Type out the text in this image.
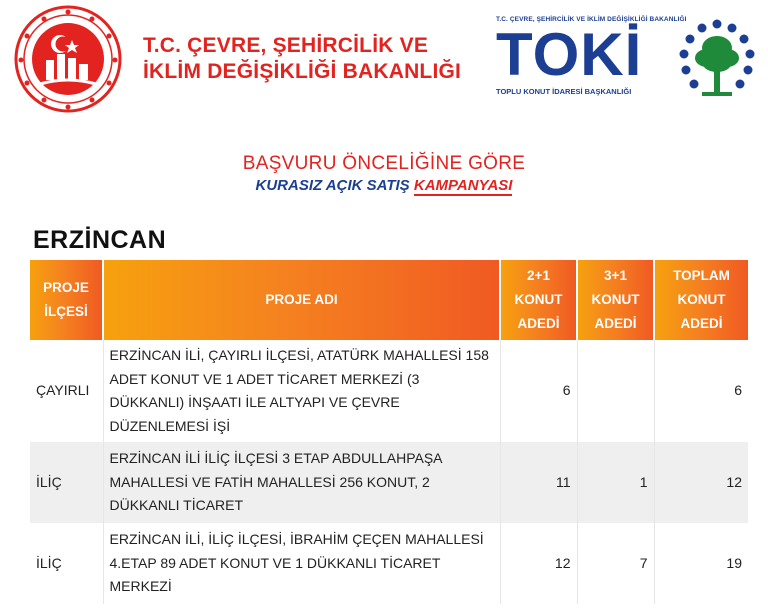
T.C. ÇEVRE, ŞEHİRCİLİK VE
İKLİM DEĞİŞİKLİĞİ BAKANLIĞI
T.C. ÇEVRE, ŞEHİRCİLİK VE İKLİM DEĞİŞİKLİĞİ BAKANLIĞI
TOKİ
TOPLU KONUT İDARESİ BAŞKANLIĞI
BAŞVURU ÖNCELİĞİNE GÖRE
KURASIZ AÇIK SATIŞ KAMPANYASI
ERZİNCAN
PROJE İLÇESİ	PROJE ADI	2+1 KONUT ADEDİ	3+1 KONUT ADEDİ	TOPLAM KONUT ADEDİ
ÇAYIRLI	ERZİNCAN İLİ, ÇAYIRLI İLÇESİ, ATATÜRK MAHALLESİ 158 ADET KONUT VE 1 ADET TİCARET MERKEZİ (3 DÜKKANLI) İNŞAATI İLE ALTYAPI VE ÇEVRE DÜZENLEMESİ İŞİ	6		6
İLİÇ	ERZİNCAN İLİ İLİÇ İLÇESİ 3 ETAP ABDULLAHPAŞA MAHALLESİ VE FATİH MAHALLESİ 256 KONUT, 2 DÜKKANLI TİCARET	11	1	12
İLİÇ	ERZİNCAN İLİ, İLİÇ İLÇESİ, İBRAHİM ÇEÇEN MAHALLESİ 4.ETAP 89 ADET KONUT VE 1 DÜKKANLI TİCARET MERKEZİ	12	7	19
